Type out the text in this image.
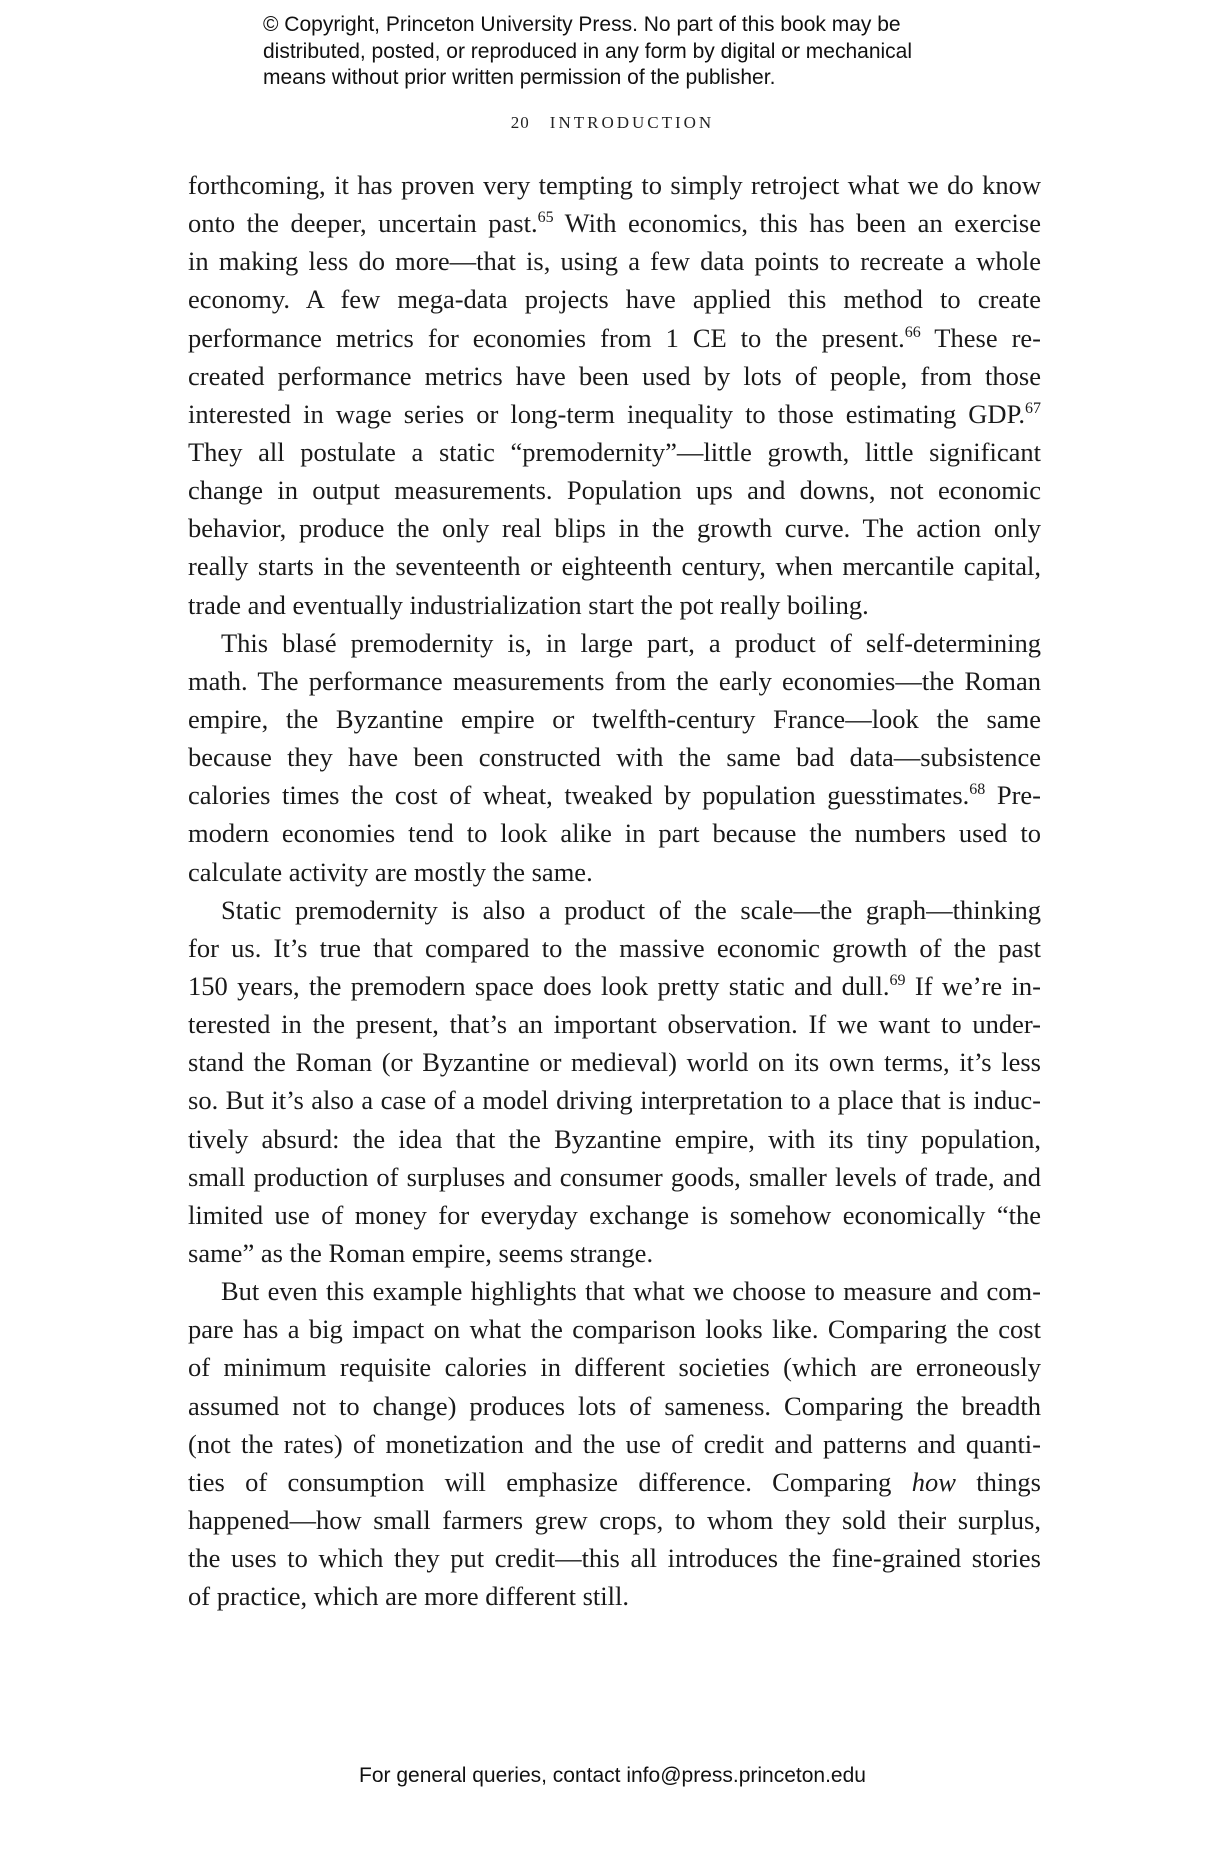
© Copyright, Princeton University Press. No part of this book may be
distributed, posted, or reproduced in any form by digital or mechanical
means without prior written permission of the publisher.
20 INTRODUCTION
forthcoming, it has proven very tempting to simply retroject what we do know
onto the deeper, uncertain past.$^{65}$ With economics, this has been an exercise
in making less do more—that is, using a few data points to recreate a whole
economy. A few mega-data projects have applied this method to create
performance metrics for economies from 1 CE to the present.$^{66}$ These re-
created performance metrics have been used by lots of people, from those
interested in wage series or long-term inequality to those estimating GDP.$^{67}$
They all postulate a static “premodernity”—little growth, little significant
change in output measurements. Population ups and downs, not economic
behavior, produce the only real blips in the growth curve. The action only
really starts in the seventeenth or eighteenth century, when mercantile capital,
trade and eventually industrialization start the pot really boiling.
This blasé premodernity is, in large part, a product of self-determining
math. The performance measurements from the early economies—the Roman
empire, the Byzantine empire or twelfth-century France—look the same
because they have been constructed with the same bad data—subsistence
calories times the cost of wheat, tweaked by population guesstimates.$^{68}$ Pre-
modern economies tend to look alike in part because the numbers used to
calculate activity are mostly the same.
Static premodernity is also a product of the scale—the graph—thinking
for us. It’s true that compared to the massive economic growth of the past
150 years, the premodern space does look pretty static and dull.$^{69}$ If we’re in-
terested in the present, that’s an important observation. If we want to under-
stand the Roman (or Byzantine or medieval) world on its own terms, it’s less
so. But it’s also a case of a model driving interpretation to a place that is induc-
tively absurd: the idea that the Byzantine empire, with its tiny population,
small production of surpluses and consumer goods, smaller levels of trade, and
limited use of money for everyday exchange is somehow economically “the
same” as the Roman empire, seems strange.
But even this example highlights that what we choose to measure and com-
pare has a big impact on what the comparison looks like. Comparing the cost
of minimum requisite calories in different societies (which are erroneously
assumed not to change) produces lots of sameness. Comparing the breadth
(not the rates) of monetization and the use of credit and patterns and quanti-
ties of consumption will emphasize difference. Comparing how things
happened—how small farmers grew crops, to whom they sold their surplus,
the uses to which they put credit—this all introduces the fine-grained stories
of practice, which are more different still.
For general queries, contact info@press.princeton.edu
